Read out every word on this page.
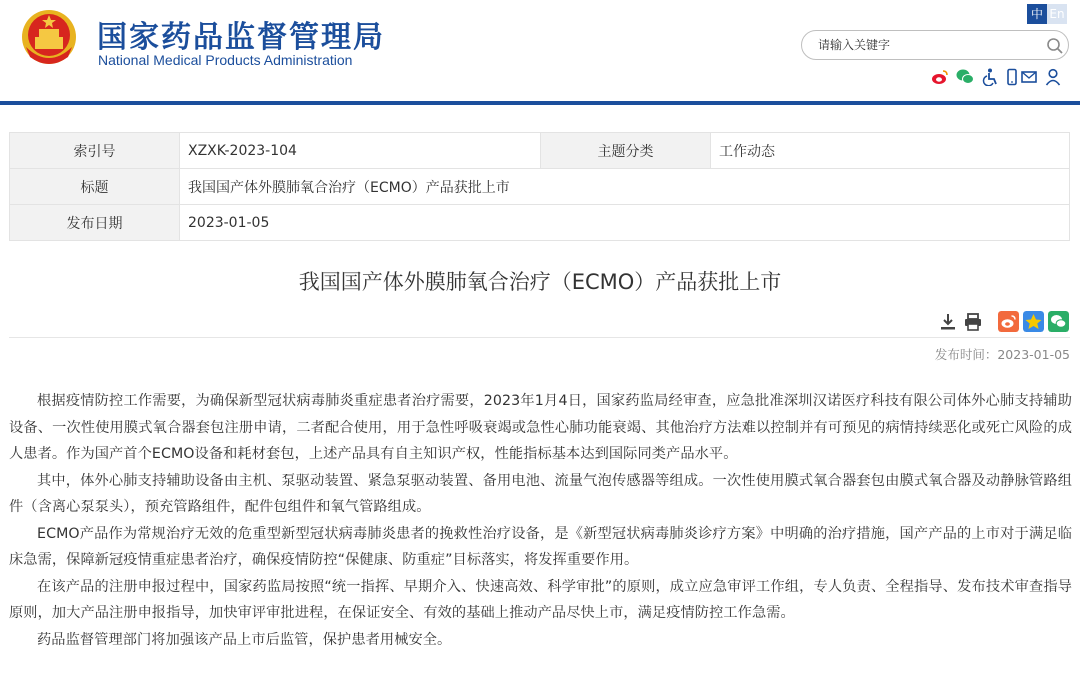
国家药品监督管理局
National Medical Products Administration
中 En
请输入关键字
索引号	XZXK-2023-104	主题分类	工作动态
标题	我国国产体外膜肺氧合治疗（ECMO）产品获批上市		
发布日期	2023-01-05		
我国国产体外膜肺氧合治疗（ECMO）产品获批上市
发布时间：2023-01-05

根据疫情防控工作需要，为确保新型冠状病毒肺炎重症患者治疗需要，2023年1月4日，国家药监局经审查，应急批准深圳汉诺医疗科技有限公司体外心肺支持辅助设备、一次性使用膜式氧合器套包注册申请，二者配合使用，用于急性呼吸衰竭或急性心肺功能衰竭、其他治疗方法难以控制并有可预见的病情持续恶化或死亡风险的成人患者。作为国产首个ECMO设备和耗材套包，上述产品具有自主知识产权，性能指标基本达到国际同类产品水平。

其中，体外心肺支持辅助设备由主机、泵驱动装置、紧急泵驱动装置、备用电池、流量气泡传感器等组成。一次性使用膜式氧合器套包由膜式氧合器及动静脉管路组件（含离心泵泵头），预充管路组件，配件包组件和氧气管路组成。

ECMO产品作为常规治疗无效的危重型新型冠状病毒肺炎患者的挽救性治疗设备，是《新型冠状病毒肺炎诊疗方案》中明确的治疗措施，国产产品的上市对于满足临床急需，保障新冠疫情重症患者治疗，确保疫情防控“保健康、防重症”目标落实，将发挥重要作用。

在该产品的注册申报过程中，国家药监局按照“统一指挥、早期介入、快速高效、科学审批”的原则，成立应急审评工作组，专人负责、全程指导、发布技术审查指导原则，加大产品注册申报指导，加快审评审批进程，在保证安全、有效的基础上推动产品尽快上市，满足疫情防控工作急需。

药品监督管理部门将加强该产品上市后监管，保护患者用械安全。
